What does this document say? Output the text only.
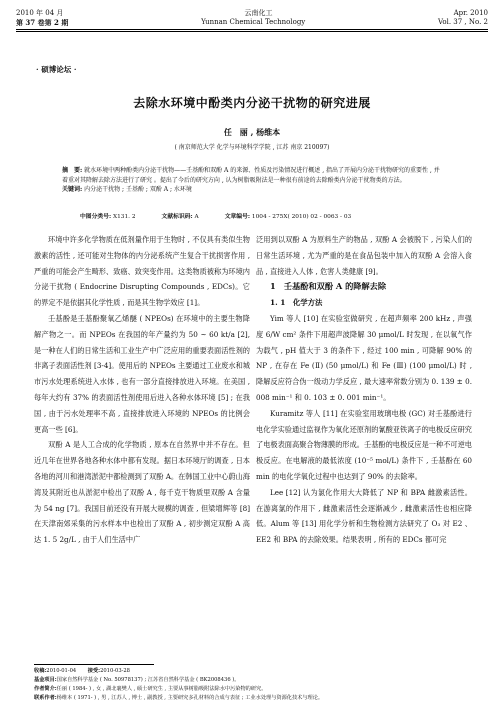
2010 年 04 月	云南化工	Apr. 2010
第 37 卷第 2 期	Yunnan Chemical Technology	Vol. 37 , No. 2
· 硕博论坛 ·
去除水环境中酚类内分泌干扰物的研究进展
任　丽 , 杨维本
( 南京师范大学 化学与环境科学学院 , 江苏 南京 210097)
摘　要: 就水环境中两种酚类内分泌干扰物——壬基酚和双酚 A 的来源、性质及污染情况进行概述 , 指出了开展内分泌干扰物研究的重要性 , 并着重对其降解去除方法进行了研究 。提出了今后的研究方向 , 认为树脂吸附法是一种很有前途的去除酚类内分泌干扰物类的方法。
关键词: 内分泌干扰物 ; 壬基酚 ; 双酚 A ; 水环境
中图分类号: X131. 2	文献标识码: A	文章编号: 1004 - 275X( 2010) 02 - 0063 - 03

环境中许多化学物质在低剂量作用于生物时 , 不仅具有类似生物激素的活性 , 还可能对生物体的内分泌系统产生复合干扰损害作用 , 严重的可能会产生畸形、致癌、致突变作用。这类物质被称为环境内分泌干扰物 ( Endocrine Disrupting Compounds , EDCs)。它的界定不是依据其化学性质 , 而是其生物学效应 [1]。

壬基酚是壬基酚聚氧乙烯醚 ( NPEOs) 在环境中的主要生物降解产物之一。而 NPEOs 在我国的年产量约为 50 ~ 60 kt/a [2], 是一种在人们的日常生活和工业生产中广泛应用的重要表面活性剂的非离子表面活性剂 [3-4]。使用后的 NPEOs 主要通过工业废水和城市污水处理系统进入水体 , 也有一部分直接排放进入环境。在美国 , 每年大约有 37% 的表面活性剂使用后进入各种水体环境 [5] ; 在我国 , 由于污水处理率不高 , 直接排放进入环境的 NPEOs 的比例会更高一些 [6]。

双酚 A 是人工合成的化学物质 , 原本在自然界中并不存在。但近几年在世界各地各种水体中都有发现。据日本环境厅的调查 , 日本各地的河川和港湾淤泥中都检测到了双酚 A。在韩国工业中心蔚山海湾及其附近也从淤泥中检出了双酚 A , 每千克干物质里双酚 A 含量为 54 ng [7]。我国目前还没有开展大规模的调查 , 但梁增辉等 [8] 在天津南郊采集的污水样本中也检出了双酚 A , 初步测定双酚 A 高达 1. 5 2g/L , 由于人们生活中广

泛用到以双酚 A 为原料生产的物品 , 双酚 A 会被脱下 , 污染人们的日常生活环境 , 尤为严重的是在食品包装中加入的双酚 A 会溶入食品 , 直接进入人体 , 危害人类健康 [9]。

1　壬基酚和双酚 A 的降解去除

1. 1　化学方法

Yim 等人 [10] 在实验室做研究 , 在超声频率 200 kHz , 声强度 6/W cm² 条件下用超声波降解 30 μmol/L 时发现 , 在以氧气作为载气 , pH 值大于 3 的条件下 , 经过 100 min , 可降解 90% 的 NP , 在存在 Fe (Ⅱ) (50 μmol/L) 和 Fe (Ⅲ) (100 μmol/L) 时 , 降解反应符合伪一级动力学反应 , 最大速率常数分别为 0. 139 ± 0. 008 min⁻¹ 和 0. 103 ± 0. 001 min⁻¹。

Kuramitz 等人 [11] 在实验室用玻璃电极 (GC) 对壬基酚进行电化学实验通过监视作为氧化还原剂的氰酸亚铁离子的电极反应研究了电极表面高聚合物薄膜的形成。壬基酚的电极反应是一种不可逆电极反应。在电解液的最低浓度 (10⁻⁵ mol/L) 条件下 , 壬基酚在 60 min 的电化学氧化过程中也达到了 90% 的去除率。

Lee [12] 认为氯化作用大大降低了 NP 和 BPA 雌激素活性。在游离氯的作用下 , 雌激素活性会逐渐减少 , 雌激素活性也相应降低。Alum 等 [13] 用化学分析和生物检测方法研究了 O₃ 对 E2 、EE2 和 BPA 的去除效果。结果表明 , 所有的 EDCs 都可完

收稿:2010-01-04 接受:2010-03-28
基金项目:国家自然科学基金 ( No. 50978137) ; 江苏省自然科学基金 ( BK2008436 )。
作者简介:任丽 ( 1984- ) , 女 , 湖北襄樊人 , 硕士研究生 , 主要从事树脂吸附法除水中污染物的研究。
联系作者:杨维本 ( 1971- ) , 男 , 江苏人 , 博士 , 副教授 , 主要研究多孔材料的合成与表征 ; 工业水处理与资源化技术与理论。
